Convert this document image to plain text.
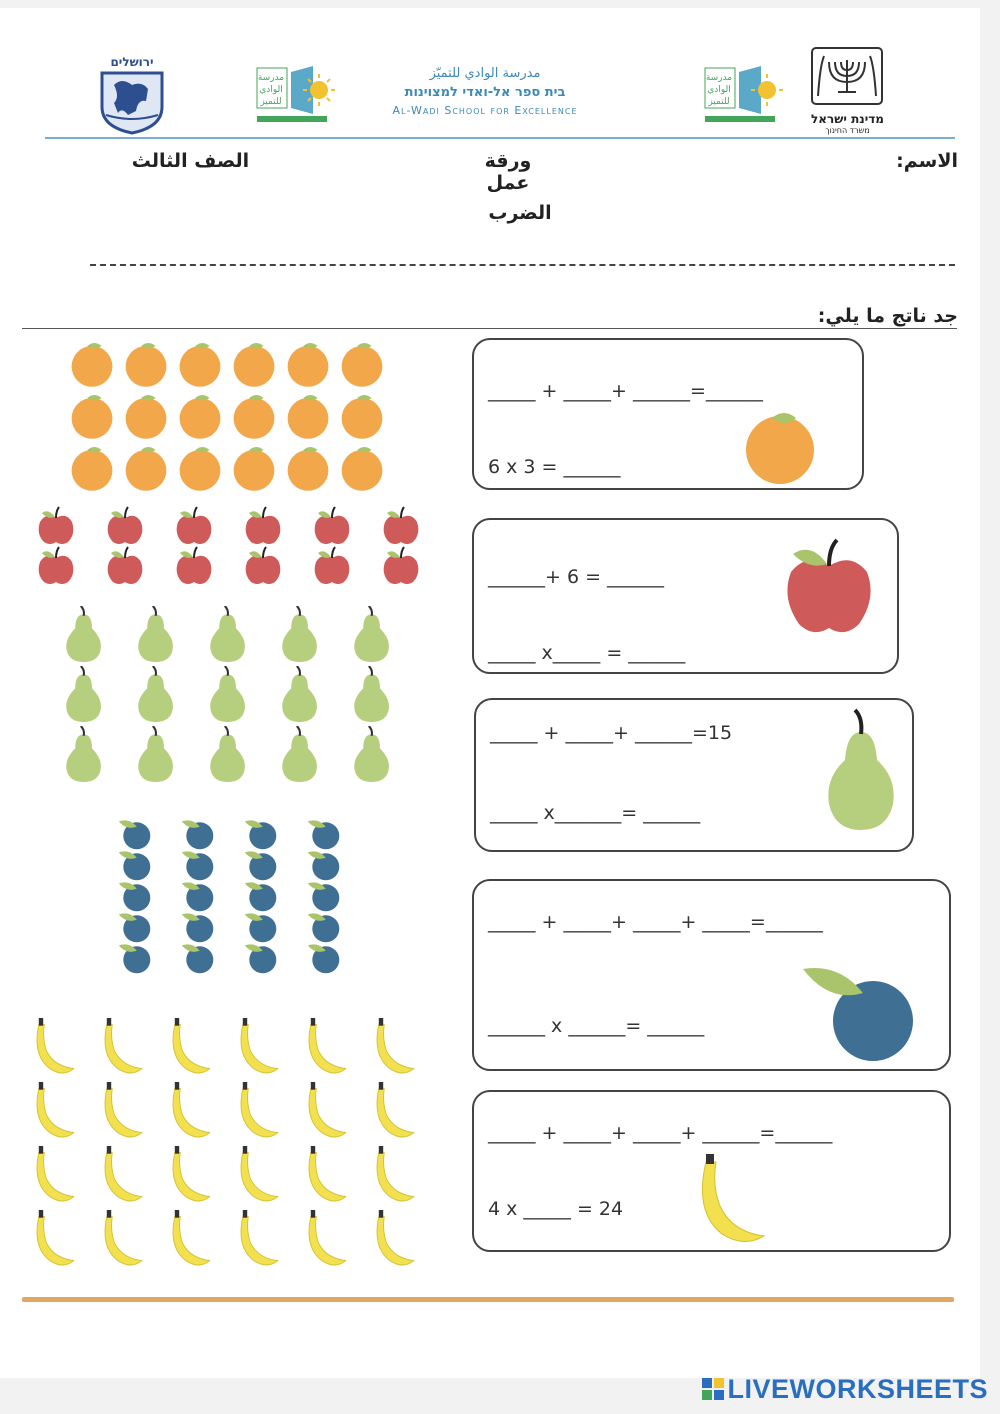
ירושלים
مدرسة
الوادي
للتميز
مدرسة الوادي للتميّز
בית ספר אל-ואדי למצוינות
Al-Wadi School for Excellence
مدرسة
الوادي
للتميز
מדינת ישראל
משרד החינוך
الاسم:
ورقة عمل
الصف الثالث
الضرب
جد ناتج ما يلي:
_____ + _____+ ______=______
6 x 3 = ______
______+ 6 = ______
_____ x_____ = ______
_____ + _____+ ______=15
_____ x_______= ______
_____ + _____+ _____+ _____=______
______ x ______= ______
_____ + _____+ _____+ ______=______
4 x _____ = 24
LIVEWORKSHEETS
